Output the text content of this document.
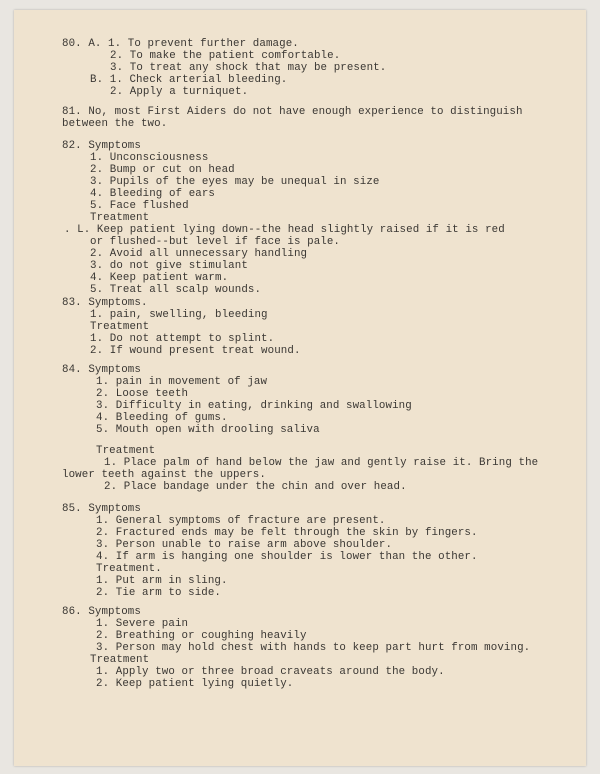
80. A. 1. To prevent further damage.
2. To make the patient comfortable.
3. To treat any shock that may be present.
B. 1. Check arterial bleeding.
2. Apply a turniquet.
81. No, most First Aiders do not have enough experience to distinguish
between the two.
82. Symptoms
1. Unconsciousness
2. Bump or cut on head
3. Pupils of the eyes may be unequal in size
4. Bleeding of ears
5. Face flushed
Treatment
. L. Keep patient lying down--the head slightly raised if it is red
or flushed--but level if face is pale.
2. Avoid all unnecessary handling
3. do not give stimulant
4. Keep patient warm.
5. Treat all scalp wounds.
83. Symptoms.
1. pain, swelling, bleeding
Treatment
1. Do not attempt to splint.
2. If wound present treat wound.
84. Symptoms
1. pain in movement of jaw
2. Loose teeth
3. Difficulty in eating, drinking and swallowing
4. Bleeding of gums.
5. Mouth open with drooling saliva
Treatment
1. Place palm of hand below the jaw and gently raise it. Bring the
lower teeth against the uppers.
2. Place bandage under the chin and over head.
85. Symptoms
1. General symptoms of fracture are present.
2. Fractured ends may be felt through the skin by fingers.
3. Person unable to raise arm above shoulder.
4. If arm is hanging one shoulder is lower than the other.
Treatment.
1. Put arm in sling.
2. Tie arm to side.
86. Symptoms
1. Severe pain
2. Breathing or coughing heavily
3. Person may hold chest with hands to keep part hurt from moving.
Treatment
1. Apply two or three broad craveats around the body.
2. Keep patient lying quietly.
